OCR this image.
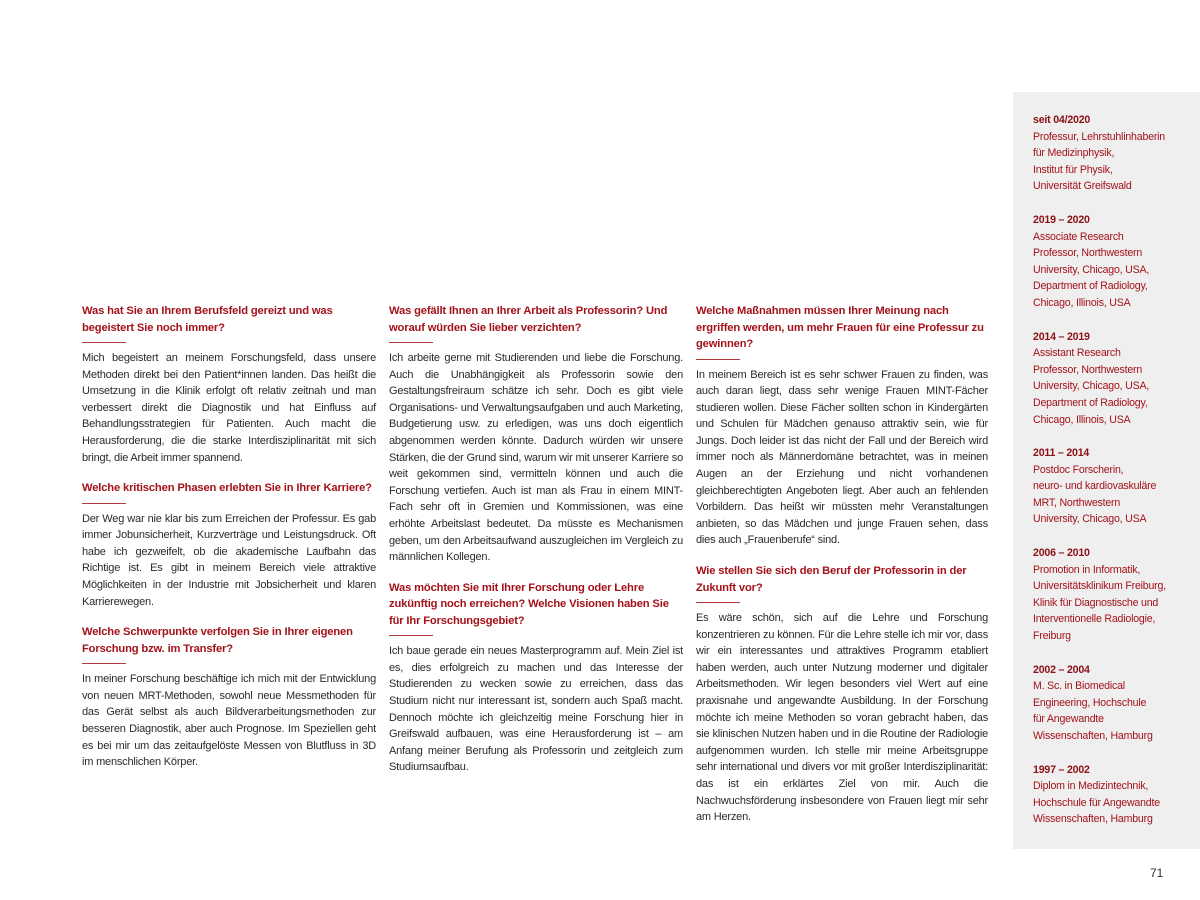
Was hat Sie an Ihrem Berufsfeld gereizt und was begeistert Sie noch immer?

Mich begeistert an meinem Forschungsfeld, dass unsere Methoden direkt bei den Patient*innen landen. Das heißt die Umsetzung in die Klinik erfolgt oft relativ zeitnah und man verbessert direkt die Diagnostik und hat Einfluss auf Behandlungsstrategien für Patienten. Auch macht die Herausforderung, die die starke Interdisziplinarität mit sich bringt, die Arbeit immer spannend.

Welche kritischen Phasen erlebten Sie in Ihrer Karriere?

Der Weg war nie klar bis zum Erreichen der Professur. Es gab immer Jobunsicherheit, Kurzverträge und Leistungsdruck. Oft habe ich gezweifelt, ob die akademische Laufbahn das Richtige ist. Es gibt in meinem Bereich viele attraktive Möglichkeiten in der Industrie mit Jobsicherheit und klaren Karrierewegen.

Welche Schwerpunkte verfolgen Sie in Ihrer eigenen Forschung bzw. im Transfer?

In meiner Forschung beschäftige ich mich mit der Entwicklung von neuen MRT-Methoden, sowohl neue Messmethoden für das Gerät selbst als auch Bildverarbeitungsmethoden zur besseren Diagnostik, aber auch Prognose. Im Speziellen geht es bei mir um das zeitaufgelöste Messen von Blutfluss in 3D im menschlichen Körper.

Was gefällt Ihnen an Ihrer Arbeit als Professorin? Und worauf würden Sie lieber verzichten?

Ich arbeite gerne mit Studierenden und liebe die Forschung. Auch die Unabhängigkeit als Professorin sowie den Gestaltungsfreiraum schätze ich sehr. Doch es gibt viele Organisations- und Verwaltungsaufgaben und auch Marketing, Budgetierung usw. zu erledigen, was uns doch eigentlich abgenommen werden könnte. Dadurch würden wir unsere Stärken, die der Grund sind, warum wir mit unserer Karriere so weit gekommen sind, vermitteln können und auch die Forschung vertiefen. Auch ist man als Frau in einem MINT-Fach sehr oft in Gremien und Kommissionen, was eine erhöhte Arbeitslast bedeutet. Da müsste es Mechanismen geben, um den Arbeitsaufwand auszugleichen im Vergleich zu männlichen Kollegen.

Was möchten Sie mit Ihrer Forschung oder Lehre zukünftig noch erreichen? Welche Visionen haben Sie für Ihr Forschungsgebiet?

Ich baue gerade ein neues Masterprogramm auf. Mein Ziel ist es, dies erfolgreich zu machen und das Interesse der Studierenden zu wecken sowie zu erreichen, dass das Studium nicht nur interessant ist, sondern auch Spaß macht. Dennoch möchte ich gleichzeitig meine Forschung hier in Greifswald aufbauen, was eine Herausforderung ist – am Anfang meiner Berufung als Professorin und zeitgleich zum Studiumsaufbau.

Welche Maßnahmen müssen Ihrer Meinung nach ergriffen werden, um mehr Frauen für eine Professur zu gewinnen?

In meinem Bereich ist es sehr schwer Frauen zu finden, was auch daran liegt, dass sehr wenige Frauen MINT-Fächer studieren wollen. Diese Fächer sollten schon in Kindergärten und Schulen für Mädchen genauso attraktiv sein, wie für Jungs. Doch leider ist das nicht der Fall und der Bereich wird immer noch als Männerdomäne betrachtet, was in meinen Augen an der Erziehung und nicht vorhandenen gleichberechtigten Angeboten liegt. Aber auch an fehlenden Vorbildern. Das heißt wir müssten mehr Veranstaltungen anbieten, so das Mädchen und junge Frauen sehen, dass dies auch „Frauenberufe“ sind.

Wie stellen Sie sich den Beruf der Professorin in der Zukunft vor?

Es wäre schön, sich auf die Lehre und Forschung konzentrieren zu können. Für die Lehre stelle ich mir vor, dass wir ein interessantes und attraktives Programm etabliert haben werden, auch unter Nutzung moderner und digitaler Arbeitsmethoden. Wir legen besonders viel Wert auf eine praxisnahe und angewandte Ausbildung. In der Forschung möchte ich meine Methoden so voran gebracht haben, das sie klinischen Nutzen haben und in die Routine der Radiologie aufgenommen wurden. Ich stelle mir meine Arbeitsgruppe sehr international und divers vor mit großer Interdisziplinarität: das ist ein erklärtes Ziel von mir. Auch die Nachwuchsförderung insbesondere von Frauen liegt mir sehr am Herzen.

seit 04/2020
Professur, Lehrstuhlinhaberin
für Medizinphysik,
Institut für Physik,
Universität Greifswald
2019 – 2020
Associate Research
Professor, Northwestern
University, Chicago, USA,
Department of Radiology,
Chicago, Illinois, USA
2014 – 2019
Assistant Research
Professor, Northwestern
University, Chicago, USA,
Department of Radiology,
Chicago, Illinois, USA
2011 – 2014
Postdoc Forscherin,
neuro- und kardiovaskuläre
MRT, Northwestern
University, Chicago, USA
2006 – 2010
Promotion in Informatik,
Universitätsklinikum Freiburg,
Klinik für Diagnostische und
Interventionelle Radiologie,
Freiburg
2002 – 2004
M. Sc. in Biomedical
Engineering, Hochschule
für Angewandte
Wissenschaften, Hamburg
1997 – 2002
Diplom in Medizintechnik,
Hochschule für Angewandte
Wissenschaften, Hamburg
71
